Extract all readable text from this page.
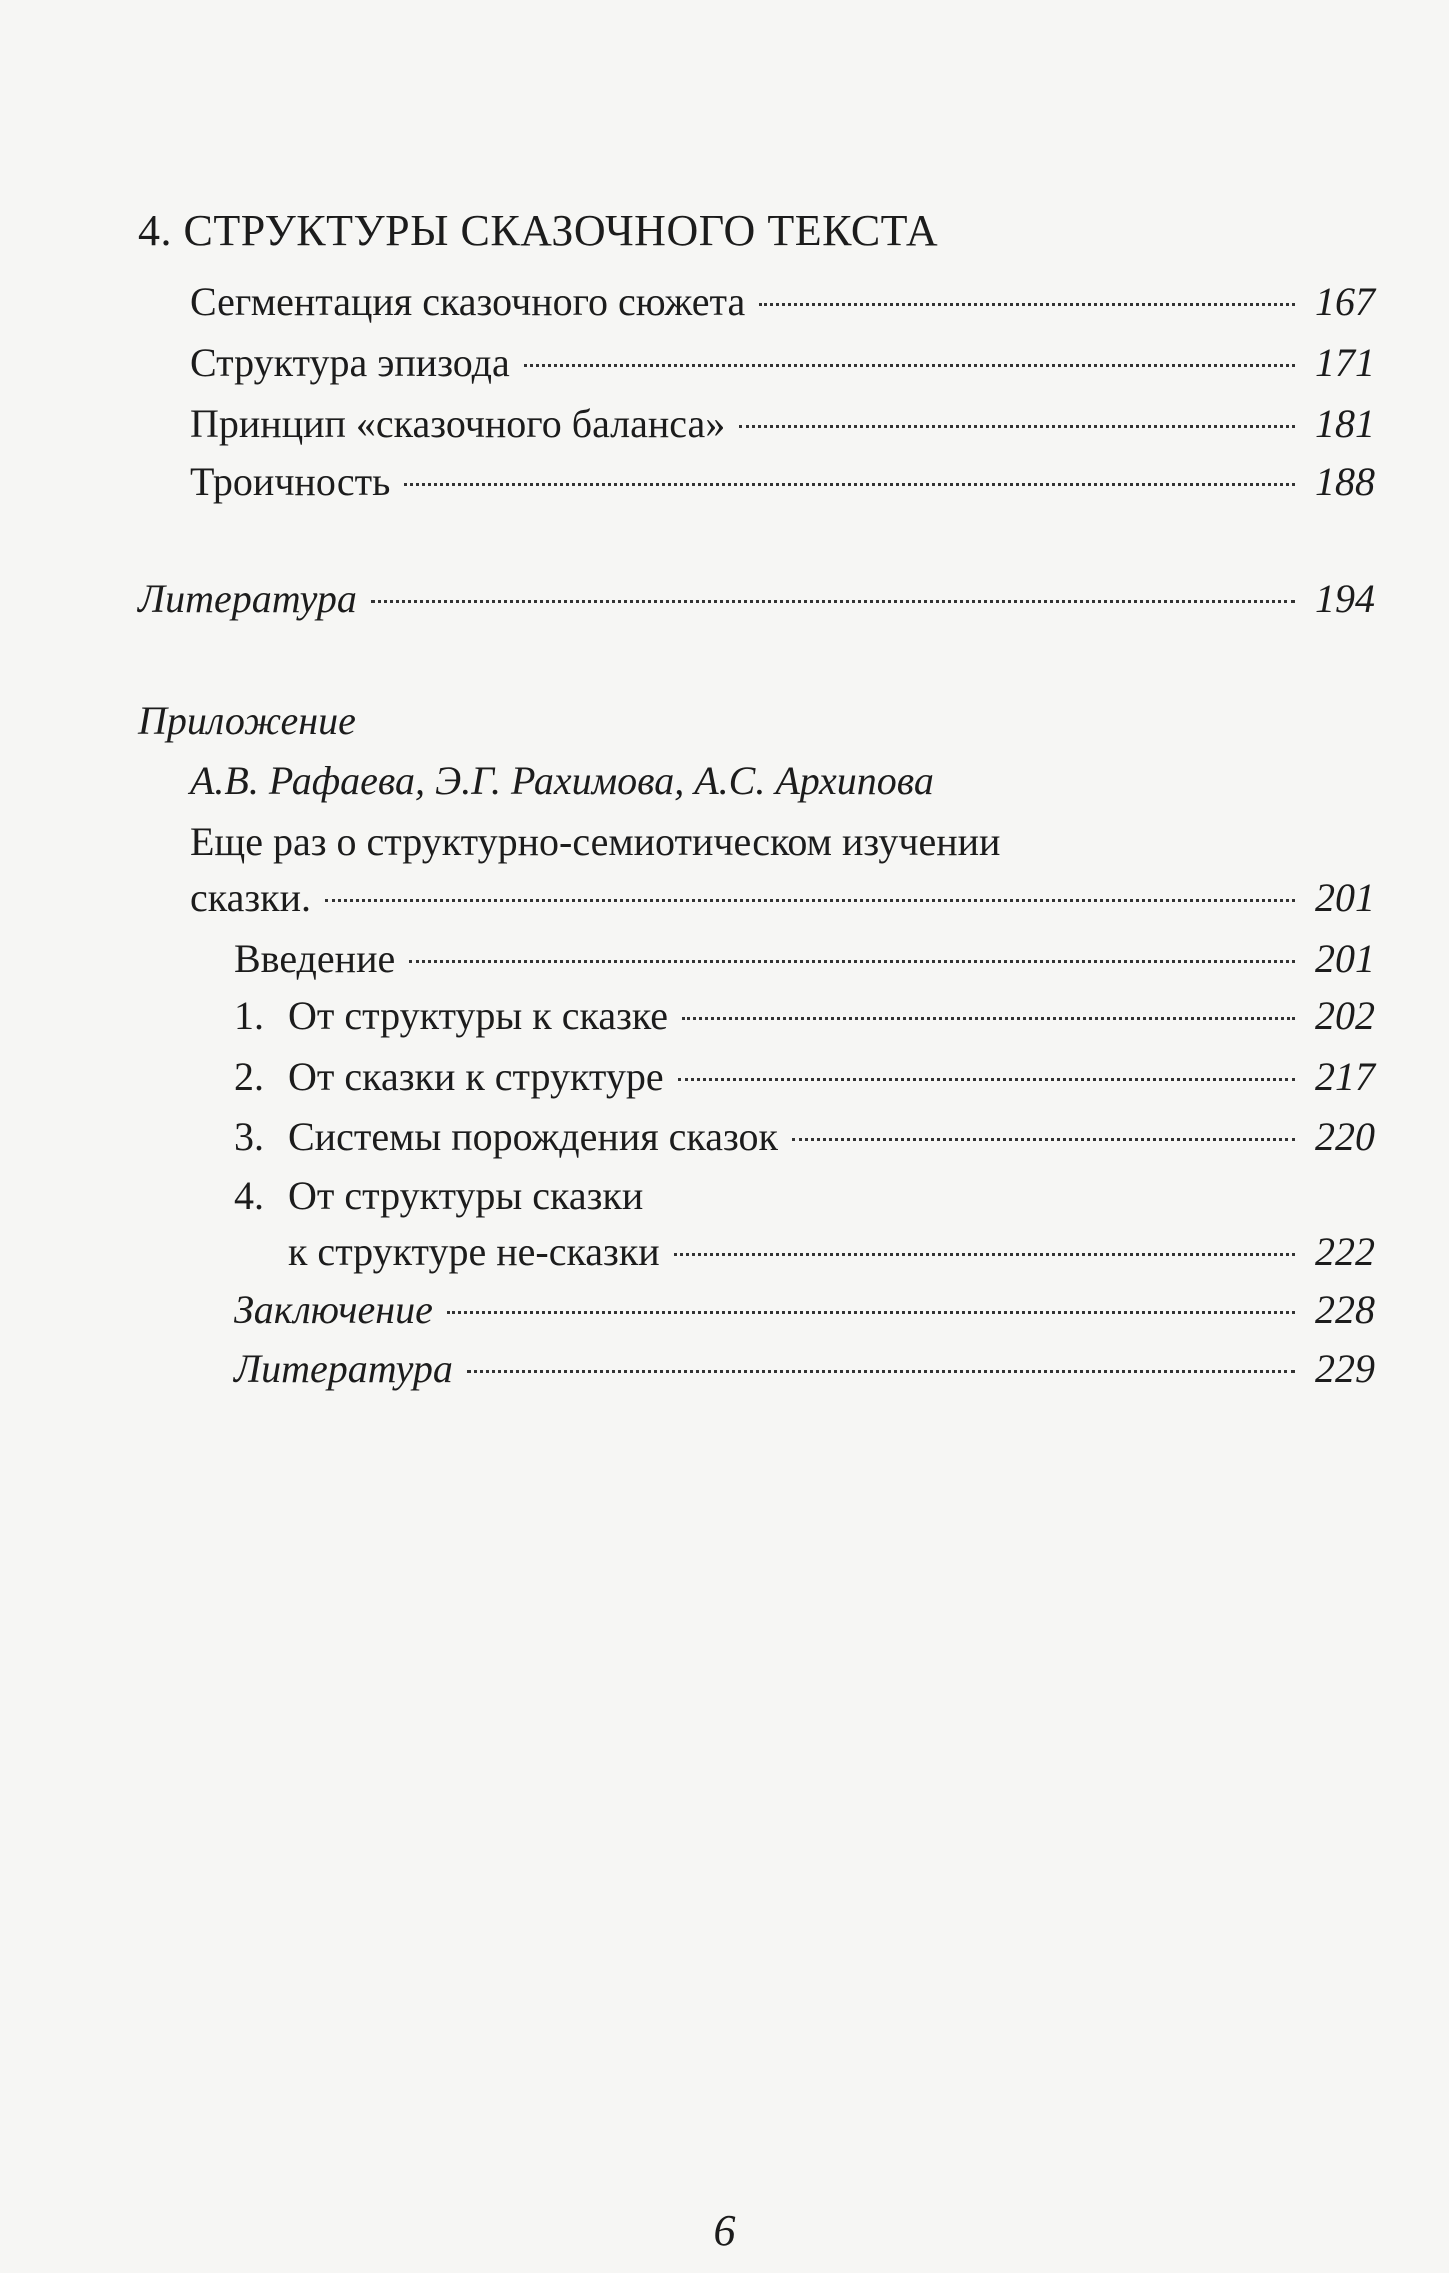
4. СТРУКТУРЫ СКАЗОЧНОГО ТЕКСТА
Сегментация сказочного сюжета	167
Структура эпизода	171
Принцип «сказочного баланса»	181
Троичность	188
Литература	194
Приложение
А.В. Рафаева, Э.Г. Рахимова, А.С. Архипова
Еще раз о структурно-семиотическом изучении
сказки.	201
Введение	201
1. От структуры к сказке	202
2. От сказки к структуре	217
3. Системы порождения сказок	220
4. От структуры сказки
к структуре не-сказки	222
Заключение	228
Литература	229
6
